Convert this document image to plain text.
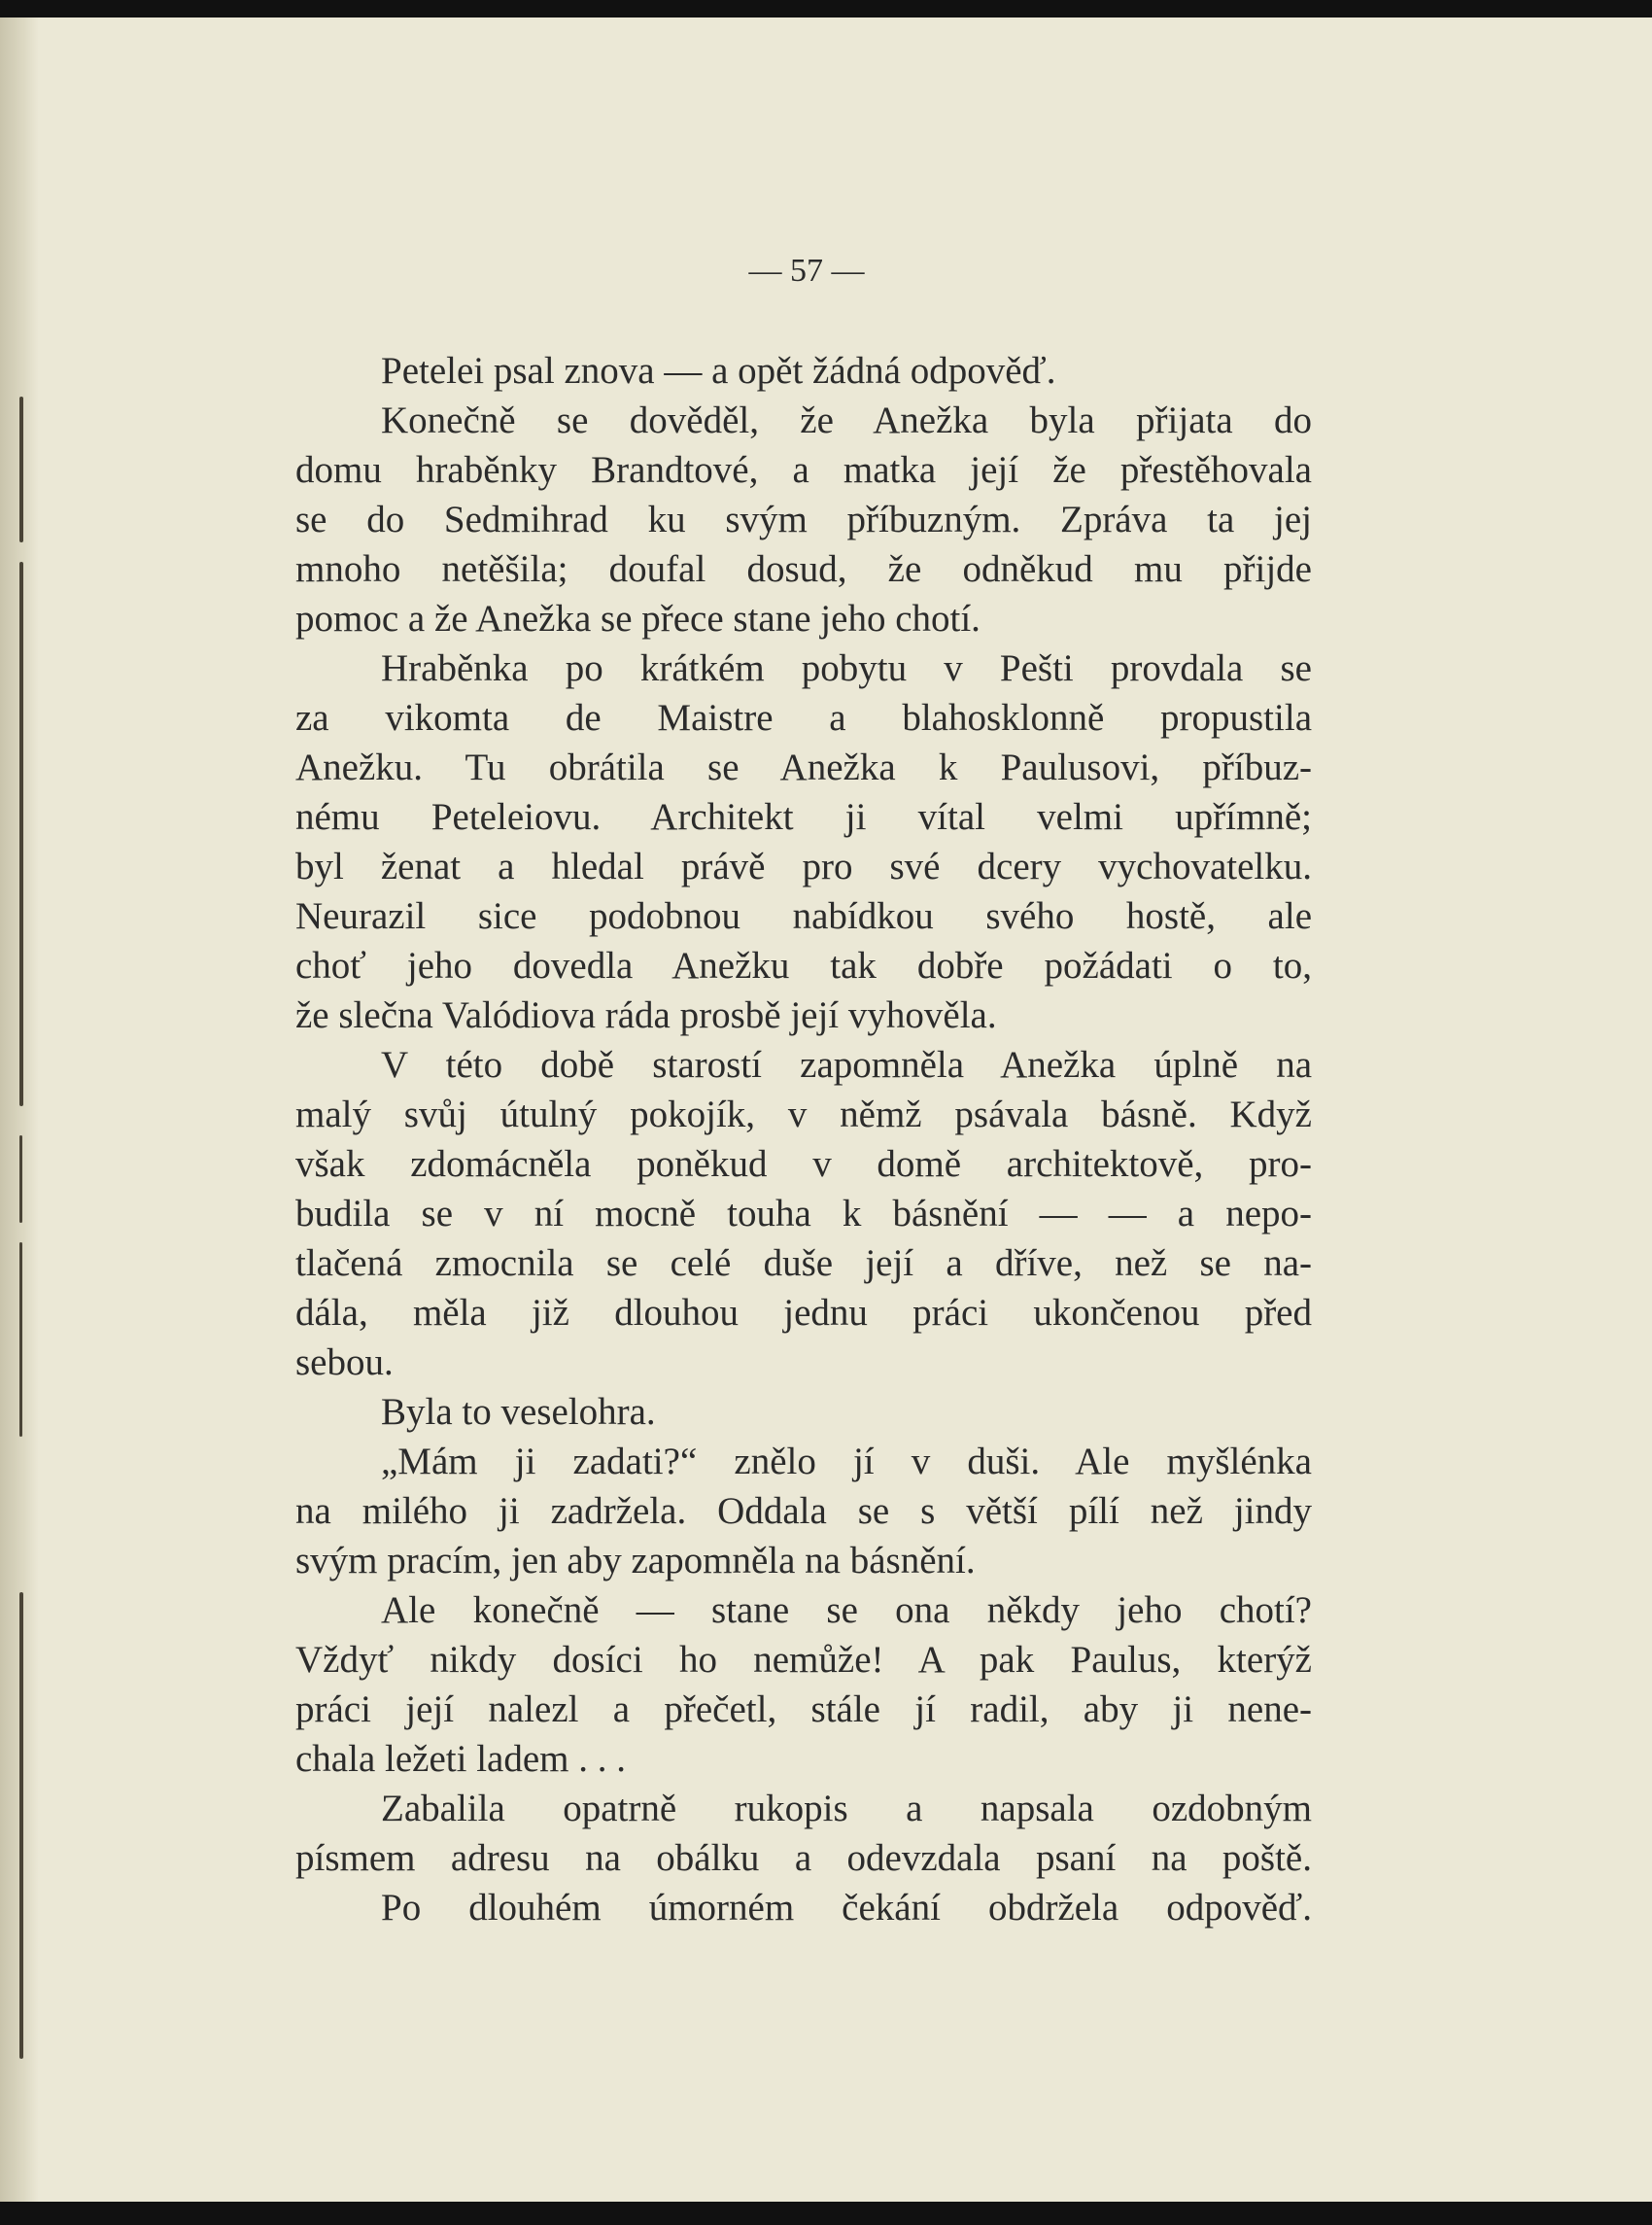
— 57 —

Petelei psal znova — a opět žádná odpověď.

Konečně se dověděl, že Anežka byla přijata do

domu hraběnky Brandtové, a matka její že přestěhovala

se do Sedmihrad ku svým příbuzným. Zpráva ta jej

mnoho netěšila; doufal dosud, že odněkud mu přijde

pomoc a že Anežka se přece stane jeho chotí.

Hraběnka po krátkém pobytu v Pešti provdala se

za vikomta de Maistre a blahosklonně propustila

Anežku. Tu obrátila se Anežka k Paulusovi, příbuz-

nému Peteleiovu. Architekt ji vítal velmi upřímně;

byl ženat a hledal právě pro své dcery vychovatelku.

Neurazil sice podobnou nabídkou svého hostě, ale

choť jeho dovedla Anežku tak dobře požádati o to,

že slečna Valódiova ráda prosbě její vyhověla.

V této době starostí zapomněla Anežka úplně na

malý svůj útulný pokojík, v němž psávala básně. Když

však zdomácněla poněkud v domě architektově, pro-

budila se v ní mocně touha k básnění — — a nepo-

tlačená zmocnila se celé duše její a dříve, než se na-

dála, měla již dlouhou jednu práci ukončenou před

sebou.

Byla to veselohra.

„Mám ji zadati?“ znělo jí v duši. Ale myšlénka

na milého ji zadržela. Oddala se s větší pílí než jindy

svým pracím, jen aby zapomněla na básnění.

Ale konečně — stane se ona někdy jeho chotí?

Vždyť nikdy dosíci ho nemůže! A pak Paulus, kterýž

práci její nalezl a přečetl, stále jí radil, aby ji nene-

chala ležeti ladem . . .

Zabalila opatrně rukopis a napsala ozdobným

písmem adresu na obálku a odevzdala psaní na poště.

Po dlouhém úmorném čekání obdržela odpověď.
